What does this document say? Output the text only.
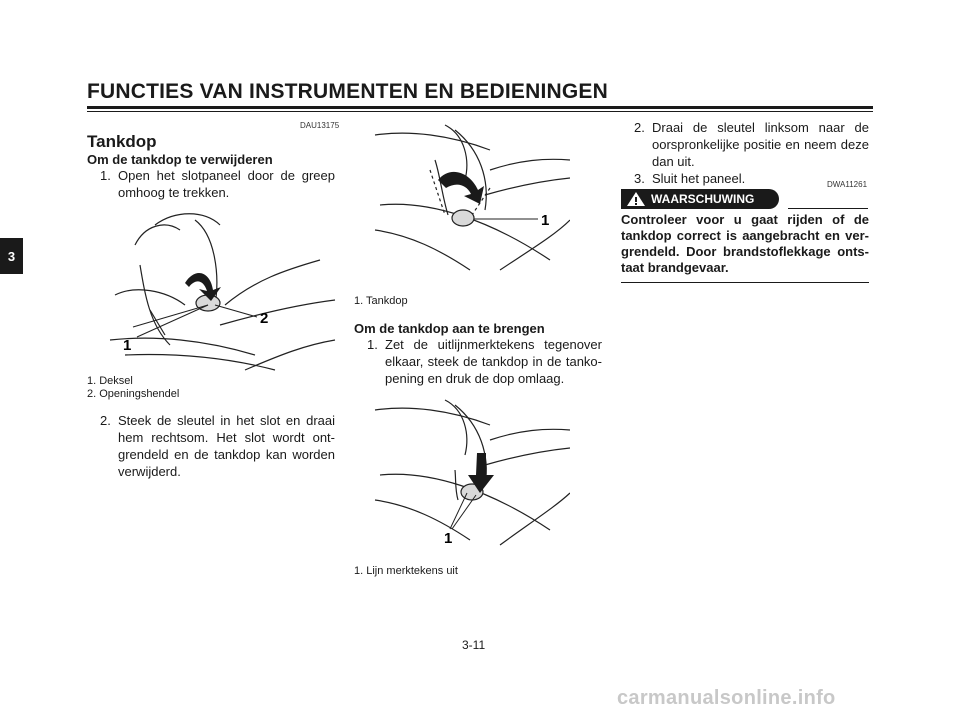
FUNCTIES VAN INSTRUMENTEN EN BEDIENINGEN
3
DAU13175
Tankdop
Om de tankdop te verwijderen
1. Open het slotpaneel door de greep omhoog te trekken.
1
2
1. Deksel
2. Openingshendel
2. Steek de sleutel in het slot en draai hem rechtsom. Het slot wordt ont-grendeld en de tankdop kan worden verwijderd.
1
1. Tankdop
Om de tankdop aan te brengen
1. Zet de uitlijnmerktekens tegenover elkaar, steek de tankdop in de tanko-pening en druk de dop omlaag.
1
1. Lijn merktekens uit
2. Draai de sleutel linksom naar de oorspronkelijke positie en neem deze dan uit.
3. Sluit het paneel.	DWA11261
WAARSCHUWING
Controleer voor u gaat rijden of de tankdop correct is aangebracht en ver-grendeld. Door brandstoflekkage onts-taat brandgevaar.
3-11
carmanualsonline.info
